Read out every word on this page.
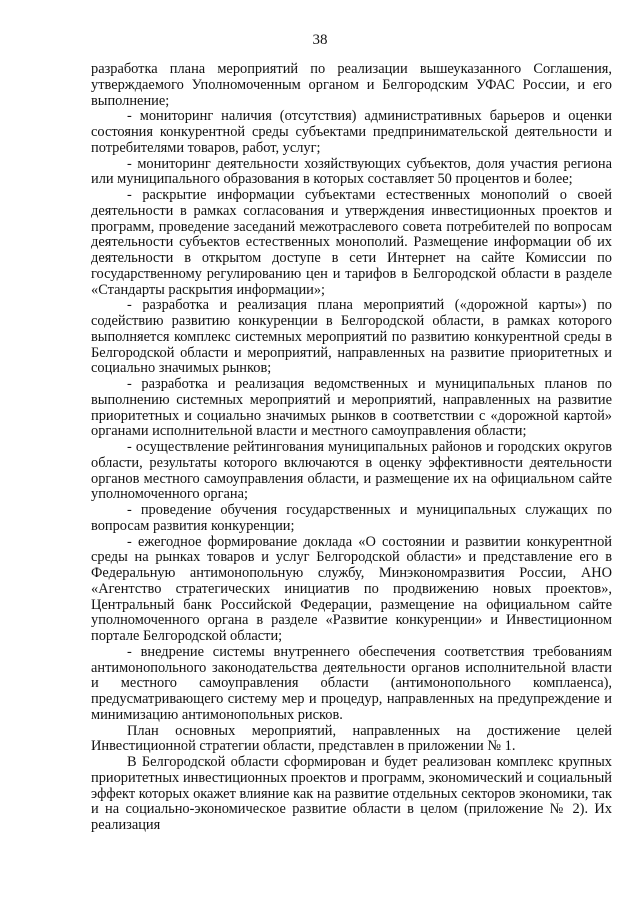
38

разработка плана мероприятий по реализации вышеуказанного Соглашения, утверждаемого Уполномоченным органом и Белгородским УФАС России, и его выполнение;

- мониторинг наличия (отсутствия) административных барьеров и оценки состояния конкурентной среды субъектами предпринимательской деятельности и потребителями товаров, работ, услуг;

- мониторинг деятельности хозяйствующих субъектов, доля участия региона или муниципального образования в которых составляет 50 процентов и более;

- раскрытие информации субъектами естественных монополий о своей деятельности в рамках согласования и утверждения инвестиционных проектов и программ, проведение заседаний межотраслевого совета потребителей по вопросам деятельности субъектов естественных монополий. Размещение информации об их деятельности в открытом доступе в сети Интернет на сайте Комиссии по государственному регулированию цен и тарифов в Белгородской области в разделе «Стандарты раскрытия информации»;

- разработка и реализация плана мероприятий («дорожной карты») по содействию развитию конкуренции в Белгородской области, в рамках которого выполняется комплекс системных мероприятий по развитию конкурентной среды в Белгородской области и мероприятий, направленных на развитие приоритетных и социально значимых рынков;

- разработка и реализация ведомственных и муниципальных планов по выполнению системных мероприятий и мероприятий, направленных на развитие приоритетных и социально значимых рынков в соответствии с «дорожной картой» органами исполнительной власти и местного самоуправления области;

- осуществление рейтингования муниципальных районов и городских округов области, результаты которого включаются в оценку эффективности деятельности органов местного самоуправления области, и размещение их на официальном сайте уполномоченного органа;

- проведение обучения государственных и муниципальных служащих по вопросам развития конкуренции;

- ежегодное формирование доклада «О состоянии и развитии конкурентной среды на рынках товаров и услуг Белгородской области» и представление его в Федеральную антимонопольную службу, Минэкономразвития России, АНО «Агентство стратегических инициатив по продвижению новых проектов», Центральный банк Российской Федерации, размещение на официальном сайте уполномоченного органа в разделе «Развитие конкуренции» и Инвестиционном портале Белгородской области;

- внедрение системы внутреннего обеспечения соответствия требованиям антимонопольного законодательства деятельности органов исполнительной власти и местного самоуправления области (антимонопольного комплаенса), предусматривающего систему мер и процедур, направленных на предупреждение и минимизацию антимонопольных рисков.

План основных мероприятий, направленных на достижение целей Инвестиционной стратегии области, представлен в приложении № 1.

В Белгородской области сформирован и будет реализован комплекс крупных приоритетных инвестиционных проектов и программ, экономический и социальный эффект которых окажет влияние как на развитие отдельных секторов экономики, так и на социально-экономическое развитие области в целом (приложение № 2). Их реализация
